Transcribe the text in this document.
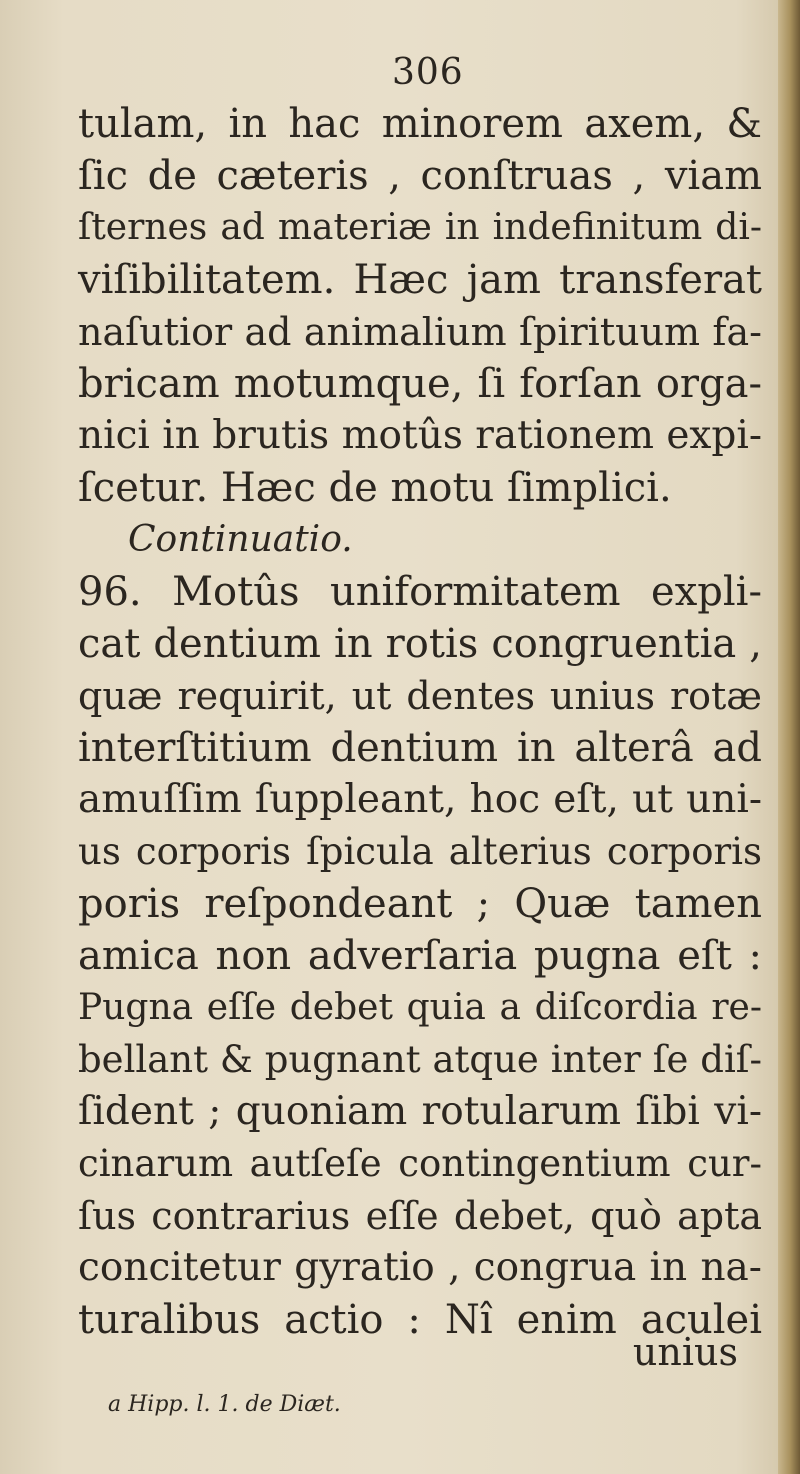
306
tulam, in hac minorem axem, &
ſic de cæteris , conſtruas , viam
ſternes ad materiæ in indefinitum di-
viſibilitatem. Hæc jam transferat
naſutior ad animalium ſpirituum fa-
bricam motumque, ſi forſan orga-
nici in brutis motûs rationem expi-
ſcetur. Hæc de motu ſimplici.
Continuatio.
96. Motûs uniformitatem expli-
cat dentium in rotis congruentia ,
quæ requirit, ut dentes unius rotæ
interſtitium dentium in alterâ ad
amuſſim ſuppleant, hoc eſt, ut uni-
us corporis ſpicula alterius corporis
poris reſpondeant ; Quæ tamen
amica non adverſaria pugna eſt :
Pugna eſſe debet quia a diſcordia re-
bellant & pugnant atque inter ſe diſ-
ſident ; quoniam rotularum ſibi vi-
cinarum autſeſe contingentium cur-
ſus contrarius eſſe debet, quò apta
concitetur gyratio , congrua in na-
turalibus actio : Nî enim aculei
unius
a Hipp. l. 1. de Diæt.
